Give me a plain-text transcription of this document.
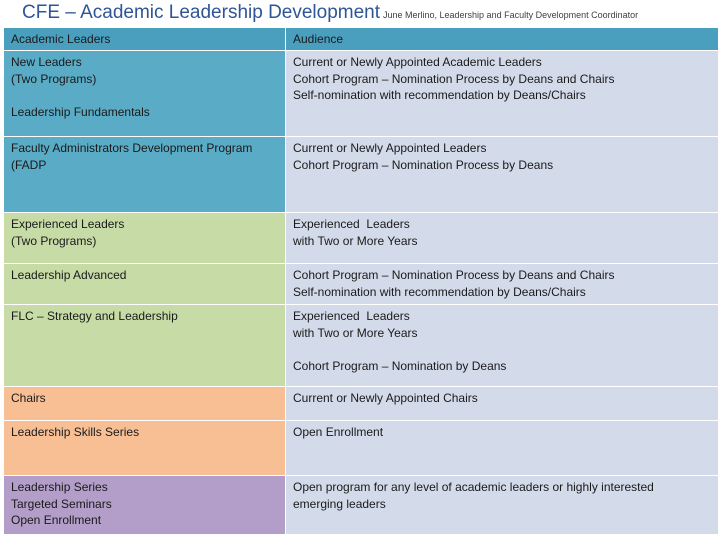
CFE – Academic Leadership Development June Merlino, Leadership and Faculty Development Coordinator
Academic Leaders	Audience

New Leaders
(Two Programs)
Leadership Fundamentals	Current or Newly Appointed Academic Leaders
Cohort Program – Nomination Process by Deans and Chairs
Self-nomination with recommendation by Deans/Chairs

Faculty Administrators Development Program
(FADP	Current or Newly Appointed Leaders
Cohort Program – Nomination Process by Deans

Experienced Leaders
(Two Programs)	Experienced  Leaders
with Two or More Years

Leadership Advanced	Cohort Program – Nomination Process by Deans and Chairs
Self-nomination with recommendation by Deans/Chairs

FLC – Strategy and Leadership	Experienced  Leaders
with Two or More Years
Cohort Program – Nomination by Deans

Chairs	Current or Newly Appointed Chairs

Leadership Skills Series	Open Enrollment

Leadership Series
Targeted Seminars
Open Enrollment	Open program for any level of academic leaders or highly interested
emerging leaders
